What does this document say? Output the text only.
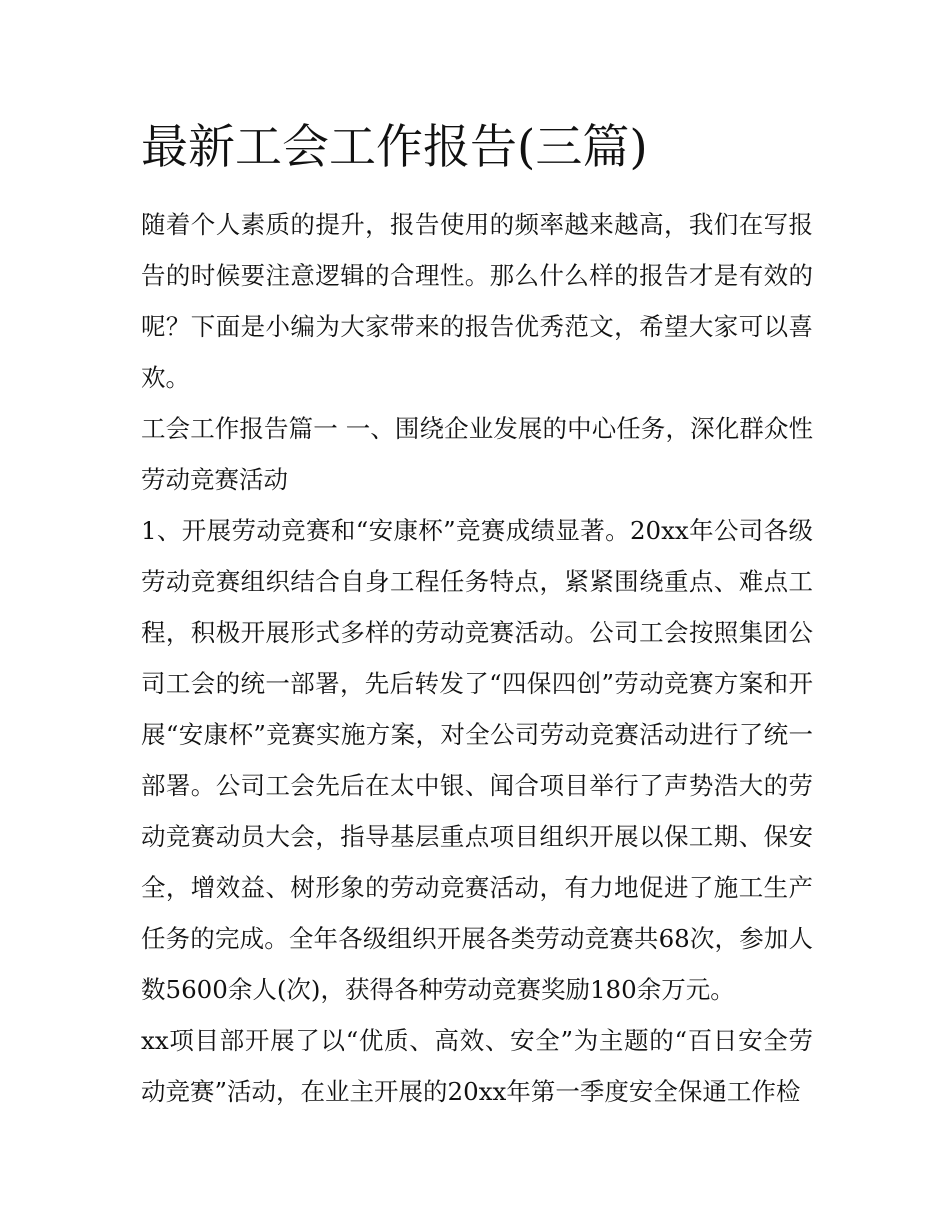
最新工会工作报告(三篇)

随着个人素质的提升，报告使用的频率越来越高，我们在写报告的时候要注意逻辑的合理性。那么什么样的报告才是有效的呢？下面是小编为大家带来的报告优秀范文，希望大家可以喜欢。

工会工作报告篇一 一、围绕企业发展的中心任务，深化群众性劳动竞赛活动

1、开展劳动竞赛和“安康杯”竞赛成绩显著。20xx年公司各级劳动竞赛组织结合自身工程任务特点，紧紧围绕重点、难点工程，积极开展形式多样的劳动竞赛活动。公司工会按照集团公司工会的统一部署，先后转发了“四保四创”劳动竞赛方案和开展“安康杯”竞赛实施方案，对全公司劳动竞赛活动进行了统一部署。公司工会先后在太中银、闻合项目举行了声势浩大的劳动竞赛动员大会，指导基层重点项目组织开展以保工期、保安全，增效益、树形象的劳动竞赛活动，有力地促进了施工生产任务的完成。全年各级组织开展各类劳动竞赛共68次，参加人数5600余人(次)，获得各种劳动竞赛奖励180余万元。

xx项目部开展了以“优质、高效、安全”为主题的“百日安全劳动竞赛”活动，在业主开展的20xx年第一季度安全保通工作检
